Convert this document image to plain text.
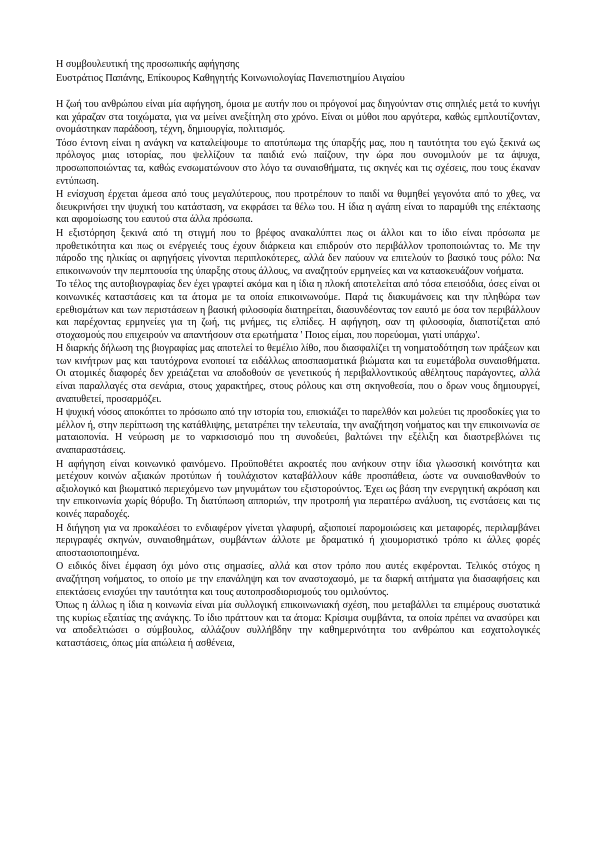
Η συμβουλευτική της προσωπικής αφήγησης

Ευστράτιος Παπάνης, Επίκουρος Καθηγητής Κοινωνιολογίας Πανεπιστημίου Αιγαίου

Η ζωή του ανθρώπου είναι μία αφήγηση, όμοια με αυτήν που οι πρόγονοί μας διηγούνταν στις σπηλιές μετά το κυνήγι και χάραζαν στα τοιχώματα, για να μείνει ανεξίτηλη στο χρόνο. Είναι οι μύθοι που αργότερα, καθώς εμπλουτίζονταν, ονομάστηκαν παράδοση, τέχνη, δημιουργία, πολιτισμός.

Τόσο έντονη είναι η ανάγκη να καταλείψουμε το αποτύπωμα της ύπαρξής μας, που η ταυτότητα του εγώ ξεκινά ως πρόλογος μιας ιστορίας, που ψελλίζουν τα παιδιά ενώ παίζουν, την ώρα που συνομιλούν με τα άψυχα, προσωποποιώντας τα, καθώς ενσωματώνουν στο λόγο τα συναισθήματα, τις σκηνές και τις σχέσεις, που τους έκαναν εντύπωση.

Η ενίσχυση έρχεται άμεσα από τους μεγαλύτερους, που προτρέπουν το παιδί να θυμηθεί γεγονότα από το χθες, να διευκρινήσει την ψυχική του κατάσταση, να εκφράσει τα θέλω του. Η ίδια η αγάπη είναι το παραμύθι της επέκτασης και αφομοίωσης του εαυτού στα άλλα πρόσωπα.

Η εξιστόρηση ξεκινά από τη στιγμή που το βρέφος ανακαλύπτει πως οι άλλοι και το ίδιο είναι πρόσωπα με προθετικότητα και πως οι ενέργειές τους έχουν διάρκεια και επιδρούν στο περιβάλλον τροποποιώντας το. Με την πάροδο της ηλικίας οι αφηγήσεις γίνονται περιπλοκότερες, αλλά δεν παύουν να επιτελούν το βασικό τους ρόλο: Να επικοινωνούν την πεμπτουσία της ύπαρξης στους άλλους, να αναζητούν ερμηνείες και να κατασκευάζουν νοήματα.

Το τέλος της αυτοβιογραφίας δεν έχει γραφτεί ακόμα και η ίδια η πλοκή αποτελείται από τόσα επεισόδια, όσες είναι οι κοινωνικές καταστάσεις και τα άτομα με τα οποία επικοινωνούμε. Παρά τις διακυμάνσεις και την πληθώρα των ερεθισμάτων και των περιστάσεων η βασική φιλοσοφία διατηρείται, διασυνδέοντας τον εαυτό με όσα τον περιβάλλουν και παρέχοντας ερμηνείες για τη ζωή, τις μνήμες, τις ελπίδες. Η αφήγηση, σαν τη φιλοσοφία, διαποτίζεται από στοχασμούς που επιχειρούν να απαντήσουν στα ερωτήματα ' Ποιος είμαι, που πορεύομαι, γιατί υπάρχω'.

Η διαρκής δήλωση της βιογραφίας μας αποτελεί το θεμέλιο λίθο, που διασφαλίζει τη νοηματοδότηση των πράξεων και των κινήτρων μας και ταυτόχρονα ενοποιεί τα ειδάλλως αποσπασματικά βιώματα και τα ευμετάβολα συναισθήματα. Οι ατομικές διαφορές δεν χρειάζεται να αποδοθούν σε γενετικούς ή περιβαλλοντικούς αθέλητους παράγοντες, αλλά είναι παραλλαγές στα σενάρια, στους χαρακτήρες, στους ρόλους και στη σκηνοθεσία, που ο δρων νους δημιουργεί, αναπυθετεί, προσαρμόζει.

Η ψυχική νόσος αποκόπτει το πρόσωπο από την ιστορία του, επισκιάζει το παρελθόν και μολεύει τις προσδοκίες για το μέλλον ή, στην περίπτωση της κατάθλιψης, μετατρέπει την τελευταία, την αναζήτηση νοήματος και την επικοινωνία σε ματαιοπονία. Η νεύρωση με το ναρκισσισμό που τη συνοδεύει, βαλτώνει την εξέλιξη και διαστρεβλώνει τις αναπαραστάσεις.

Η αφήγηση είναι κοινωνικό φαινόμενο. Προϋποθέτει ακροατές που ανήκουν στην ίδια γλωσσική κοινότητα και μετέχουν κοινών αξιακών προτύπων ή τουλάχιστον καταβάλλουν κάθε προσπάθεια, ώστε να συναισθανθούν το αξιολογικό και βιωματικό περιεχόμενο των μηνυμάτων του εξιστορούντος. Έχει ως βάση την ενεργητική ακρόαση και την επικοινωνία χωρίς θόρυβο. Τη διατύπωση απποριών, την προτροπή για περαιτέρω ανάλυση, τις ενστάσεις και τις κοινές παραδοχές.

Η διήγηση για να προκαλέσει το ενδιαφέρον γίνεται γλαφυρή, αξιοποιεί παρομοιώσεις και μεταφορές, περιλαμβάνει περιγραφές σκηνών, συναισθημάτων, συμβάντων άλλοτε με δραματικό ή χιουμοριστικό τρόπο κι άλλες φορές αποστασιοποιημένα.

Ο ειδικός δίνει έμφαση όχι μόνο στις σημασίες, αλλά και στον τρόπο που αυτές εκφέρονται. Τελικός στόχος η αναζήτηση νοήματος, το οποίο με την επανάληψη και τον αναστοχασμό, με τα διαρκή αιτήματα για διασαφήσεις και επεκτάσεις ενισχύει την ταυτότητα και τους αυτοπροσδιορισμούς του ομιλούντος.

Όπως η άλλως η ίδια η κοινωνία είναι μία συλλογική επικοινωνιακή σχέση, που μεταβάλλει τα επιμέρους συστατικά της κυρίως εξαιτίας της ανάγκης. Το ίδιο πράττουν και τα άτομα: Κρίσιμα συμβάντα, τα οποία πρέπει να ανασύρει και να αποδελτιώσει ο σύμβουλος, αλλάζουν συλλήβδην την καθημερινότητα του ανθρώπου και εσχατολογικές καταστάσεις, όπως μία απώλεια ή ασθένεια,
